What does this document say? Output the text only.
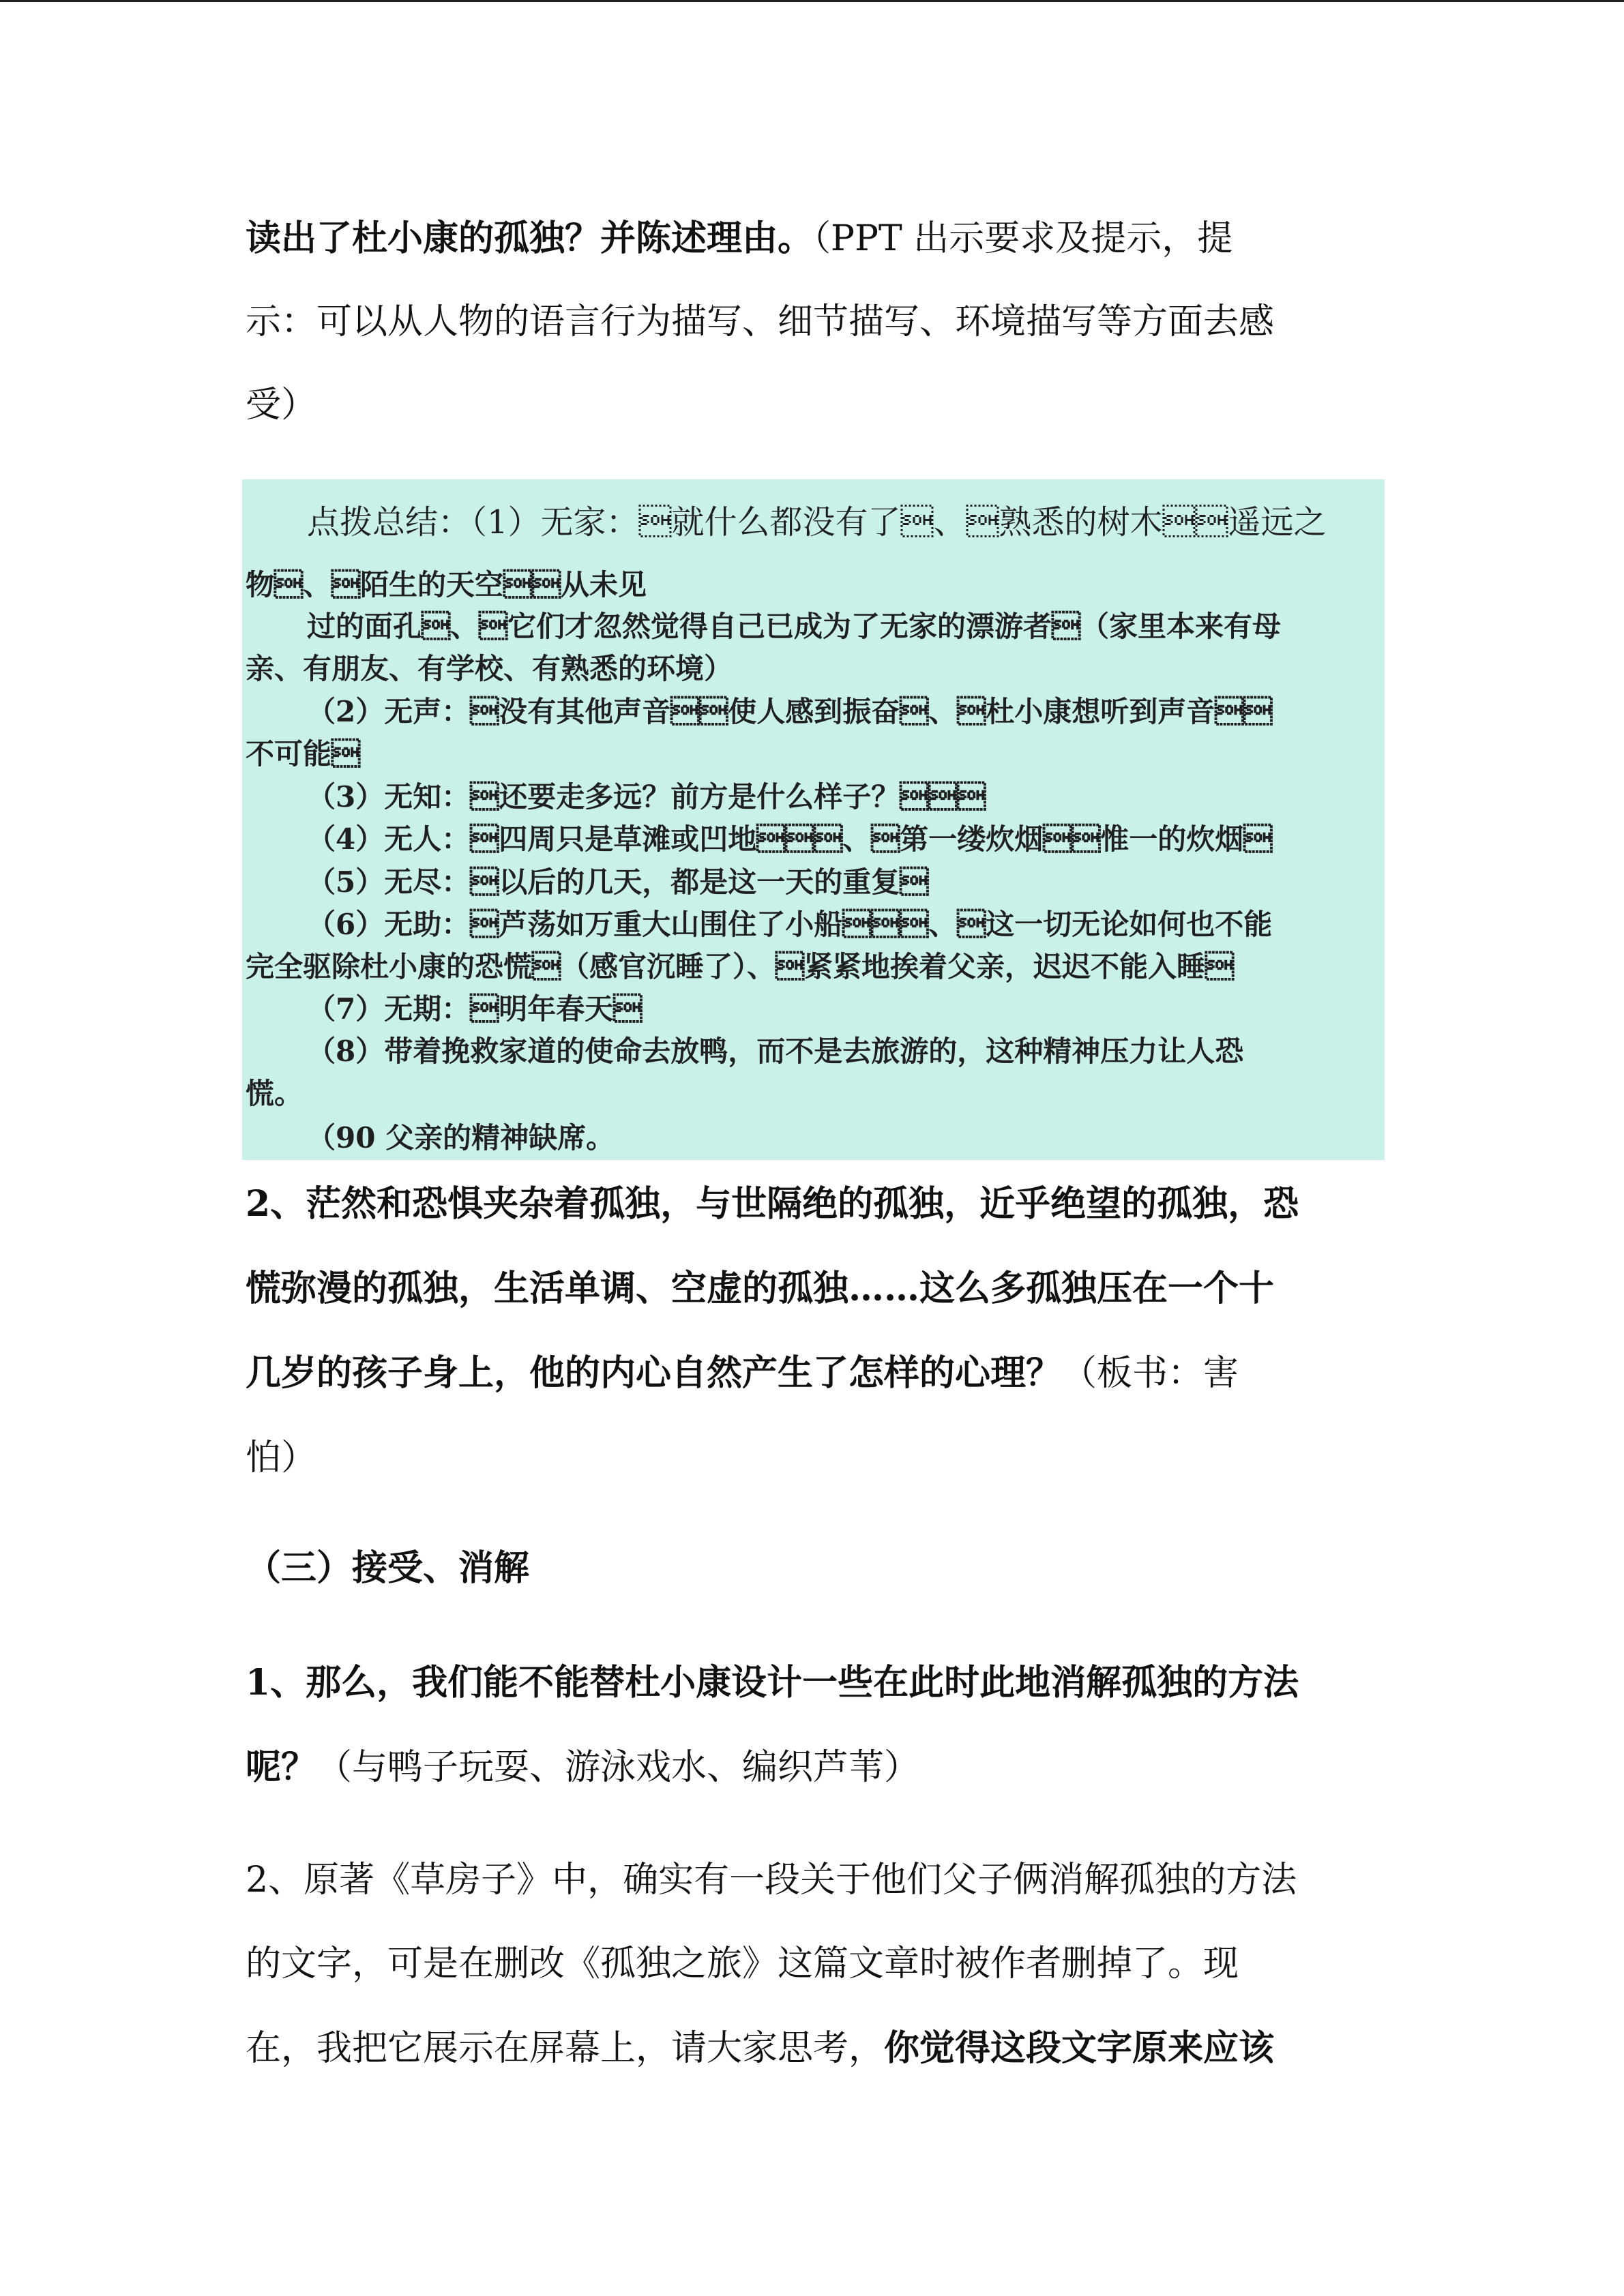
读出了杜小康的孤独？并陈述理由。（PPT 出示要求及提示，提
示：可以从人物的语言行为描写、细节描写、环境描写等方面去感
受）
点拨总结：（1）无家：就什么都没有了、熟悉的树木遥远之
物、陌生的天空从未见
过的面孔、它们才忽然觉得自己已成为了无家的漂游者（家里本来有母
亲、有朋友、有学校、有熟悉的环境）
（2）无声：没有其他声音使人感到振奋、杜小康想听到声音
不可能
（3）无知：还要走多远？前方是什么样子？
（4）无人：四周只是草滩或凹地、第一缕炊烟惟一的炊烟
（5）无尽：以后的几天，都是这一天的重复
（6）无助：芦荡如万重大山围住了小船、这一切无论如何也不能
完全驱除杜小康的恐慌（感官沉睡了）、紧紧地挨着父亲，迟迟不能入睡
（7）无期：明年春天
（8）带着挽救家道的使命去放鸭，而不是去旅游的，这种精神压力让人恐
慌。
（90 父亲的精神缺席。
2、茫然和恐惧夹杂着孤独，与世隔绝的孤独，近乎绝望的孤独，恐
慌弥漫的孤独，生活单调、空虚的孤独……这么多孤独压在一个十
几岁的孩子身上，他的内心自然产生了怎样的心理？（板书：害
怕）
（三）接受、消解
1、那么，我们能不能替杜小康设计一些在此时此地消解孤独的方法
呢？（与鸭子玩耍、游泳戏水、编织芦苇）
2、原著《草房子》中，确实有一段关于他们父子俩消解孤独的方法
的文字，可是在删改《孤独之旅》这篇文章时被作者删掉了。现
在，我把它展示在屏幕上，请大家思考，你觉得这段文字原来应该
